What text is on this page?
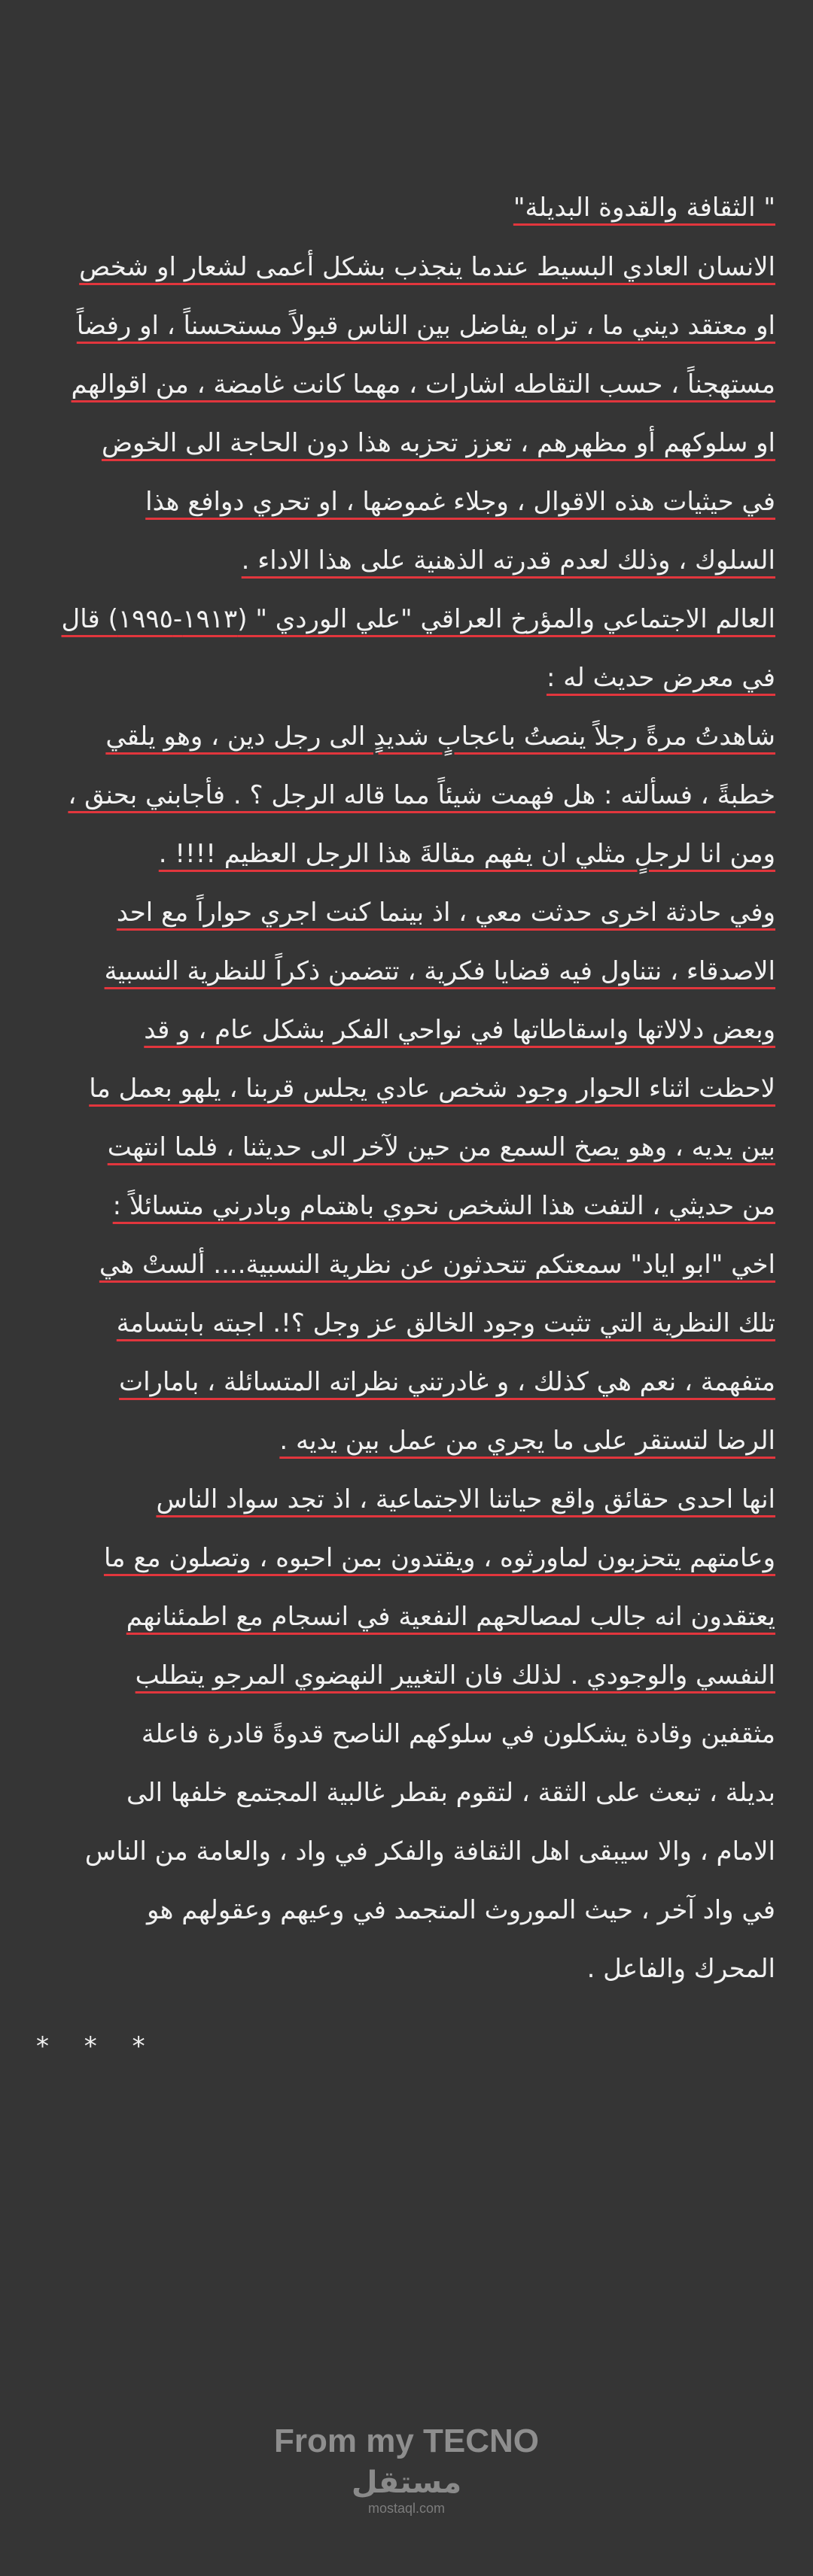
" الثقافة والقدوة البديلة"
الانسان العادي البسيط عندما ينجذب بشكل أعمى لشعار او شخص
او معتقد ديني ما ، تراه يفاضل بين الناس قبولاً مستحسناً ، او رفضاً
مستهجناً ، حسب التقاطه اشارات ، مهما كانت غامضة ، من اقوالهم
او سلوكهم أو مظهرهم ، تعزز تحزبه هذا دون الحاجة الى الخوض
في حيثيات هذه الاقوال ، وجلاء غموضها ، او تحري دوافع هذا
السلوك ، وذلك لعدم قدرته الذهنية على هذا الاداء .
العالم الاجتماعي والمؤرخ العراقي "علي الوردي " (١٩١٣-١٩٩٥) قال
في معرض حديث له :
شاهدتُ مرةً رجلاً ينصتُ باعجابٍ شديدٍ الى رجل دين ، وهو يلقي
خطبةً ، فسألته : هل فهمت شيئاً مما قاله الرجل ؟ . فأجابني بحنق ،
ومن انا لرجلٍ مثلي ان يفهم مقالةَ هذا الرجل العظيم !!!! .
وفي حادثة اخرى حدثت معي ، اذ بينما كنت اجري حواراً مع احد
الاصدقاء ، نتناول فيه قضايا فكرية ، تتضمن ذكراً للنظرية النسبية
وبعض دلالاتها واسقاطاتها في نواحي الفكر بشكل عام ، و قد
لاحظت اثناء الحوار وجود شخص عادي يجلس قربنا ، يلهو بعمل ما
بين يديه ، وهو يصخ السمع من حين لآخر الى حديثنا ، فلما انتهت
من حديثي ، التفت هذا الشخص نحوي باهتمام وبادرني متسائلاً :
اخي "ابو اياد" سمعتكم تتحدثون عن نظرية النسبية.... ألستْ هي
تلك النظرية التي تثبت وجود الخالق عز وجل ؟!. اجبته بابتسامة
متفهمة ، نعم هي كذلك ، و غادرتني نظراته المتسائلة ، بامارات
الرضا لتستقر على ما يجري من عمل بين يديه .
انها احدى حقائق واقع حياتنا الاجتماعية ، اذ تجد سواد الناس
وعامتهم يتحزبون لماورثوه ، ويقتدون بمن احبوه ، وتصلون مع ما
يعتقدون انه جالب لمصالحهم النفعية في انسجام مع اطمئنانهم
النفسي والوجودي . لذلك فان التغيير النهضوي المرجو يتطلب
مثقفين وقادة يشكلون في سلوكهم الناصح قدوةً قادرة فاعلة
بديلة ، تبعث على الثقة ، لتقوم بقطر غالبية المجتمع خلفها الى
الامام ، والا سيبقى اهل الثقافة والفكر في واد ، والعامة من الناس
في واد آخر ، حيث الموروث المتجمد في وعيهم وعقولهم هو
المحرك والفاعل .
* * *
From my TECNO
مستقل
mostaql.com
